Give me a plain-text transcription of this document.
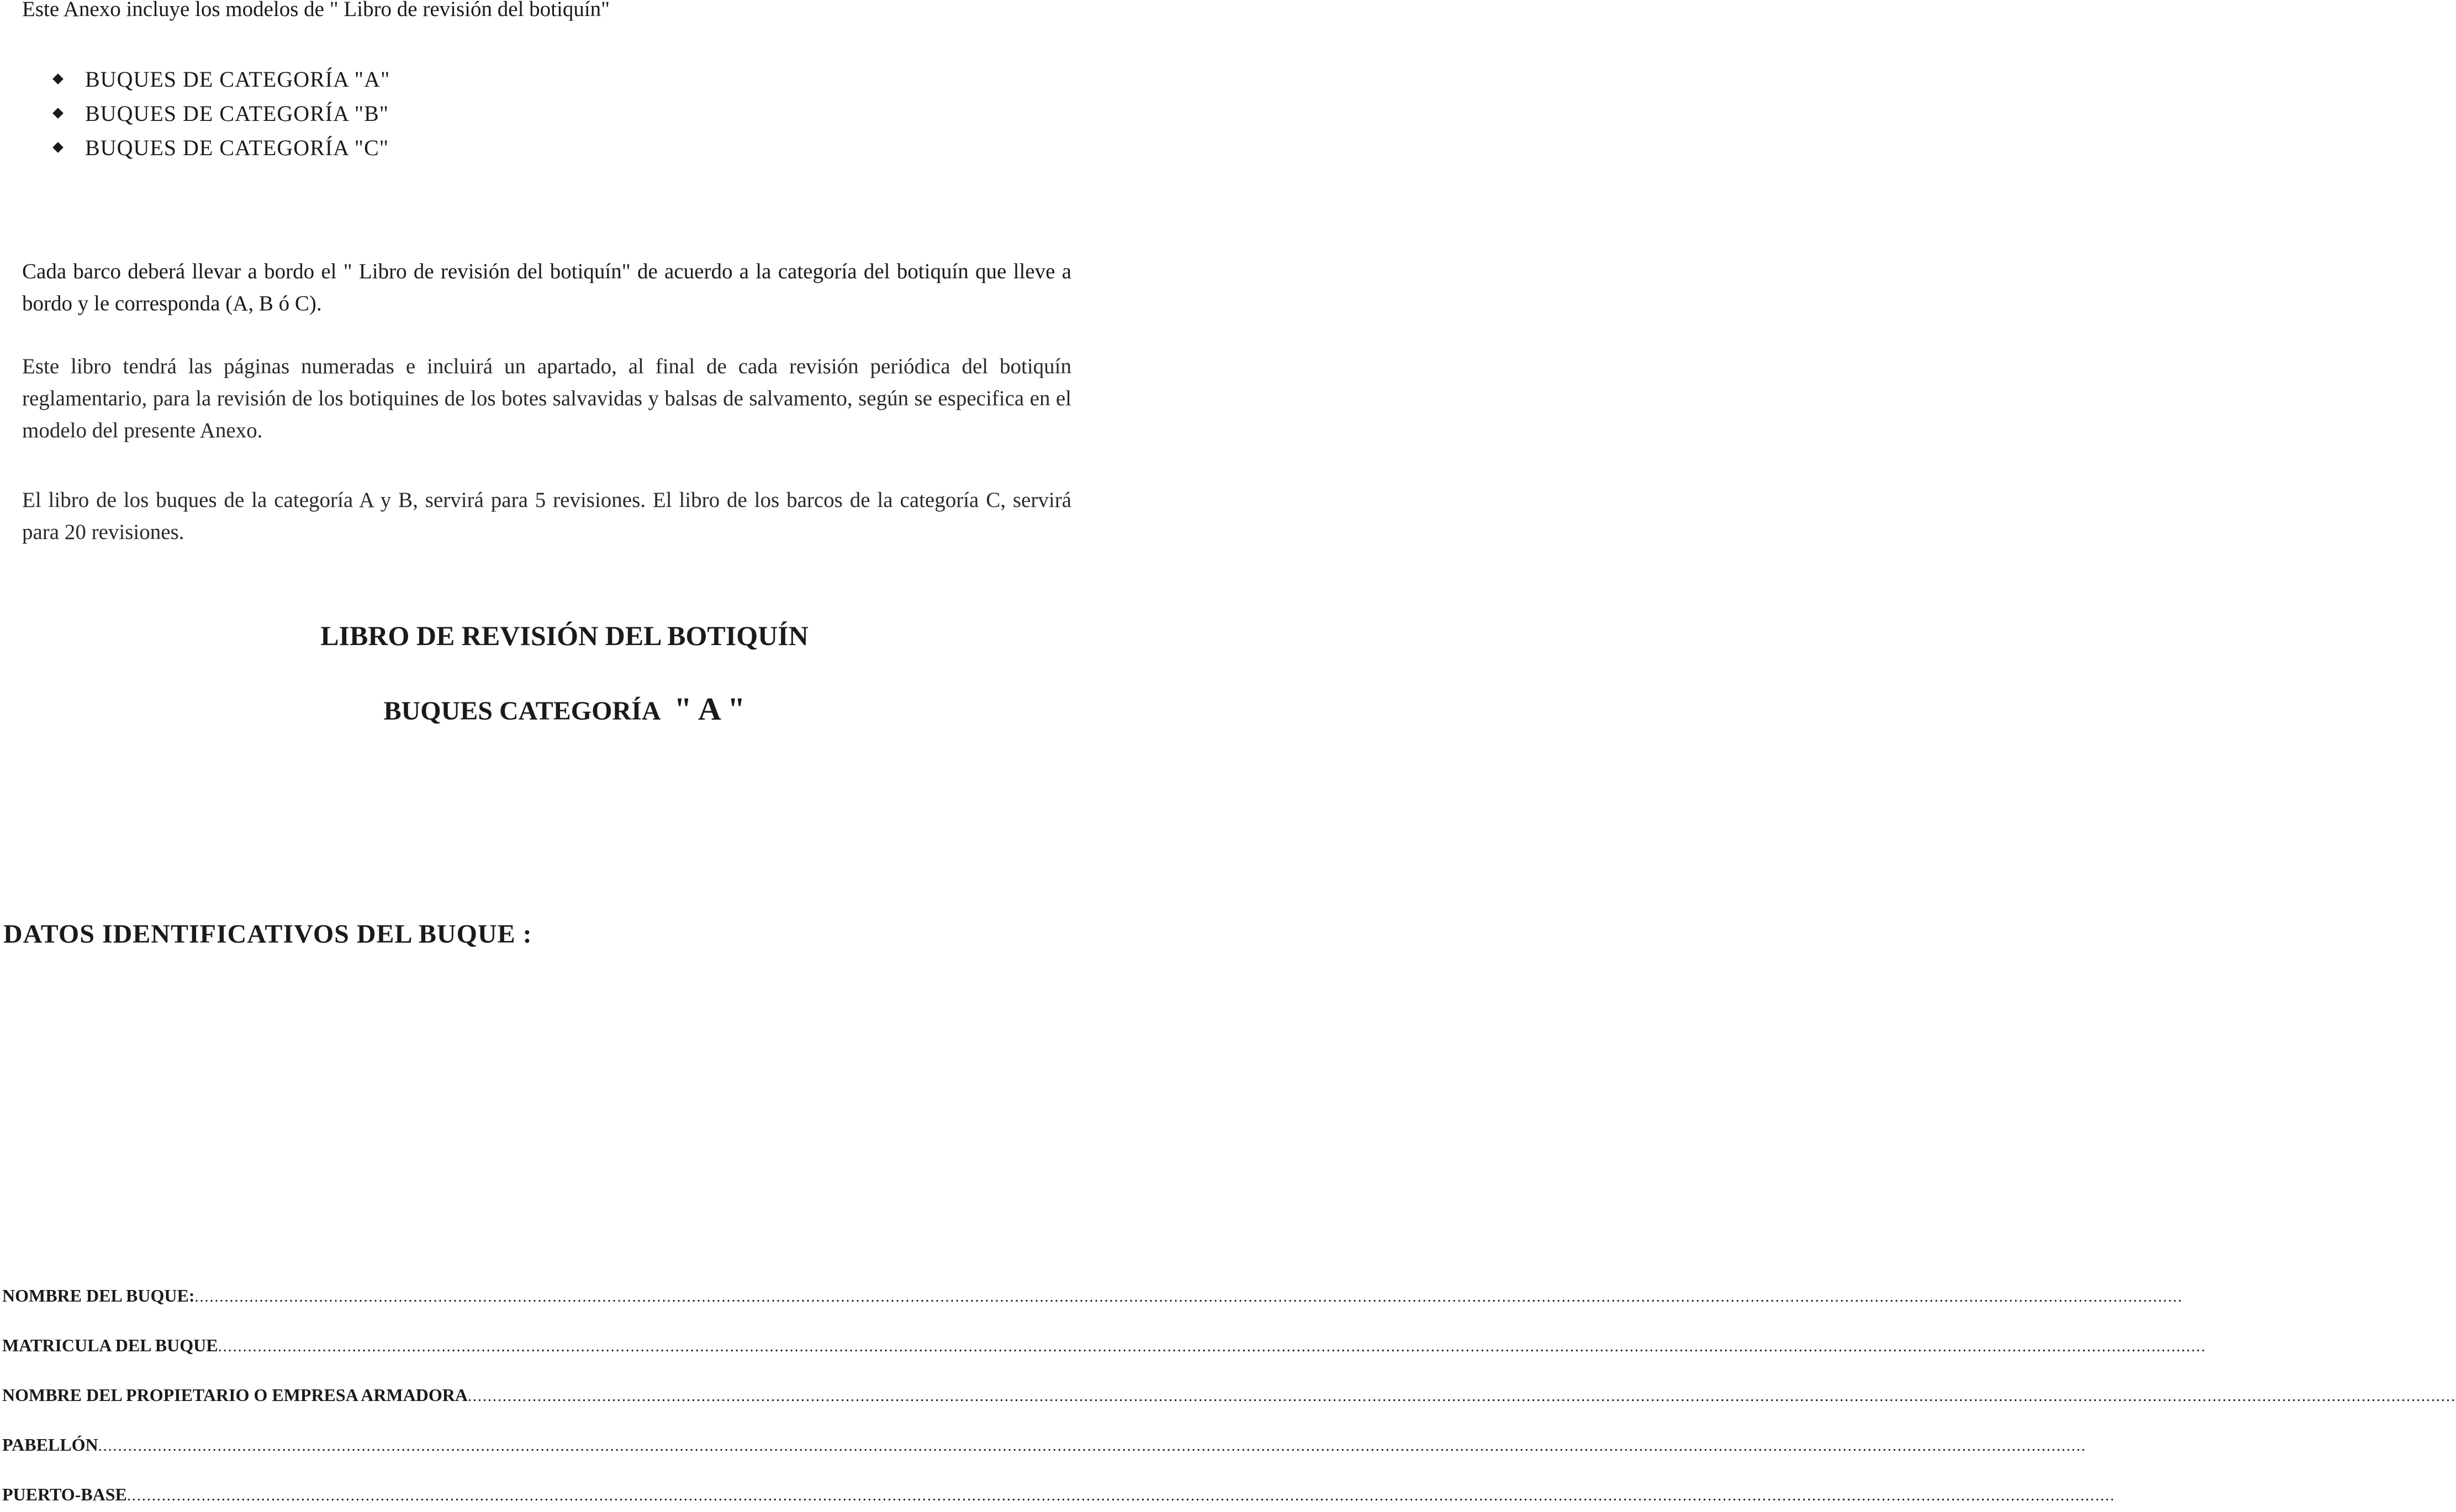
Este Anexo incluye los modelos de " Libro de revisión del botiquín"
BUQUES DE CATEGORÍA "A"
BUQUES DE CATEGORÍA "B"
BUQUES DE CATEGORÍA "C"

Cada barco deberá llevar a bordo el " Libro de revisión del botiquín" de acuerdo a la categoría del botiquín que lleve a bordo y le corresponda (A, B ó C).

Este libro tendrá las páginas numeradas e incluirá un apartado, al final de cada revisión periódica del botiquín reglamentario, para la revisión de los botiquines de los botes salvavidas y balsas de salvamento, según se especifica en el modelo del presente Anexo.

El libro de los buques de la categoría A y B, servirá para 5 revisiones. El libro de los barcos de la categoría C, servirá para 20 revisiones.

LIBRO DE REVISIÓN DEL BOTIQUÍN
BUQUES CATEGORÍA " A "
DATOS IDENTIFICATIVOS DEL BUQUE :
NOMBRE DEL BUQUE: ................................................................................................................................................................................................................................................................................................................................................................................................................
MATRICULA DEL BUQUE ................................................................................................................................................................................................................................................................................................................................................................................................................
NOMBRE DEL PROPIETARIO O EMPRESA ARMADORA ................................................................................................................................................................................................................................................................................................................................................................................................................
PABELLÓN ................................................................................................................................................................................................................................................................................................................................................................................................................
PUERTO-BASE ................................................................................................................................................................................................................................................................................................................................................................................................................
